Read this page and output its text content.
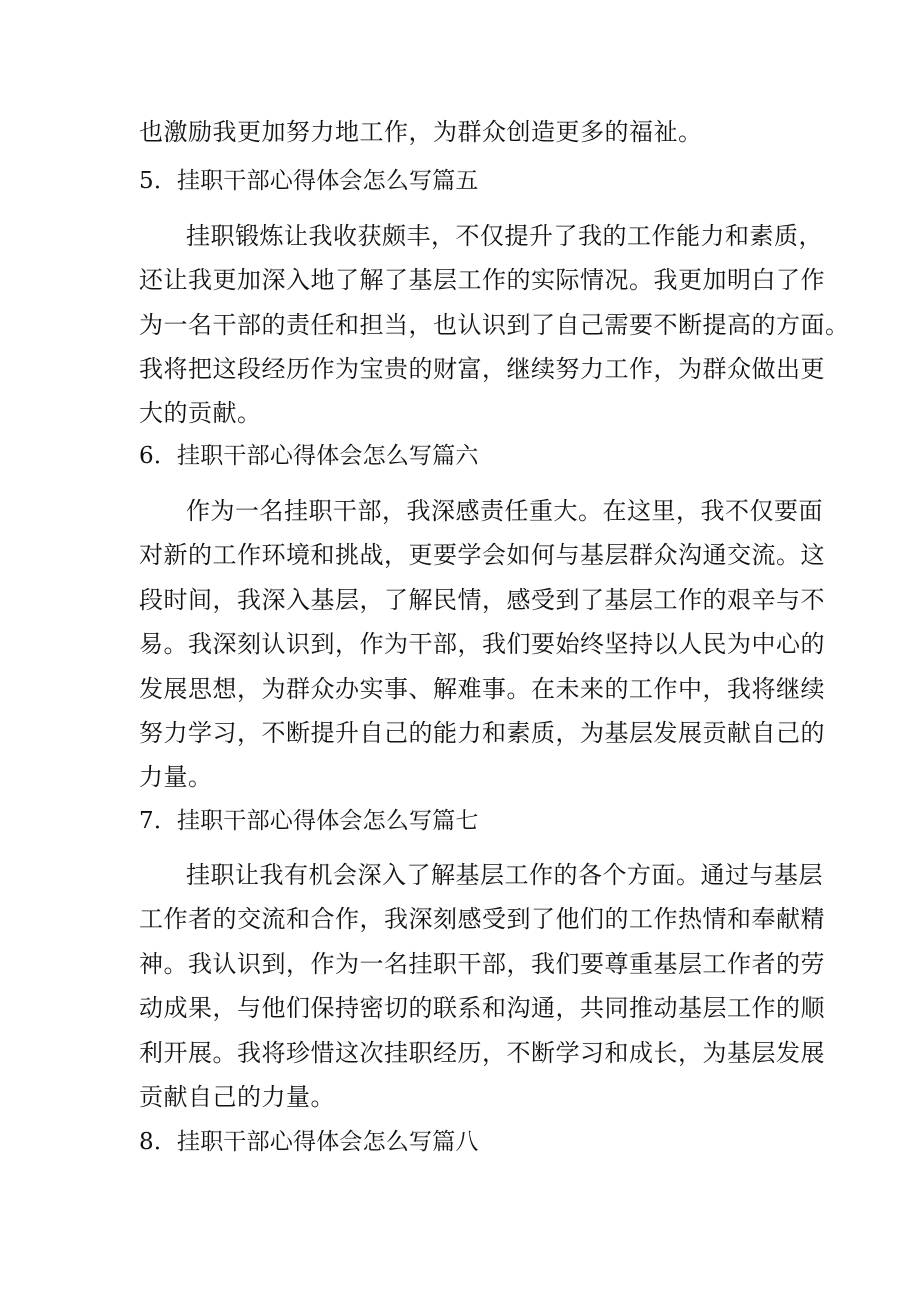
也激励我更加努力地工作，为群众创造更多的福祉。
5．挂职干部心得体会怎么写篇五
挂职锻炼让我收获颇丰，不仅提升了我的工作能力和素质，
还让我更加深入地了解了基层工作的实际情况。我更加明白了作
为一名干部的责任和担当，也认识到了自己需要不断提高的方面。
我将把这段经历作为宝贵的财富，继续努力工作，为群众做出更
大的贡献。
6．挂职干部心得体会怎么写篇六
作为一名挂职干部，我深感责任重大。在这里，我不仅要面
对新的工作环境和挑战，更要学会如何与基层群众沟通交流。这
段时间，我深入基层，了解民情，感受到了基层工作的艰辛与不
易。我深刻认识到，作为干部，我们要始终坚持以人民为中心的
发展思想，为群众办实事、解难事。在未来的工作中，我将继续
努力学习，不断提升自己的能力和素质，为基层发展贡献自己的
力量。
7．挂职干部心得体会怎么写篇七
挂职让我有机会深入了解基层工作的各个方面。通过与基层
工作者的交流和合作，我深刻感受到了他们的工作热情和奉献精
神。我认识到，作为一名挂职干部，我们要尊重基层工作者的劳
动成果，与他们保持密切的联系和沟通，共同推动基层工作的顺
利开展。我将珍惜这次挂职经历，不断学习和成长，为基层发展
贡献自己的力量。
8．挂职干部心得体会怎么写篇八
